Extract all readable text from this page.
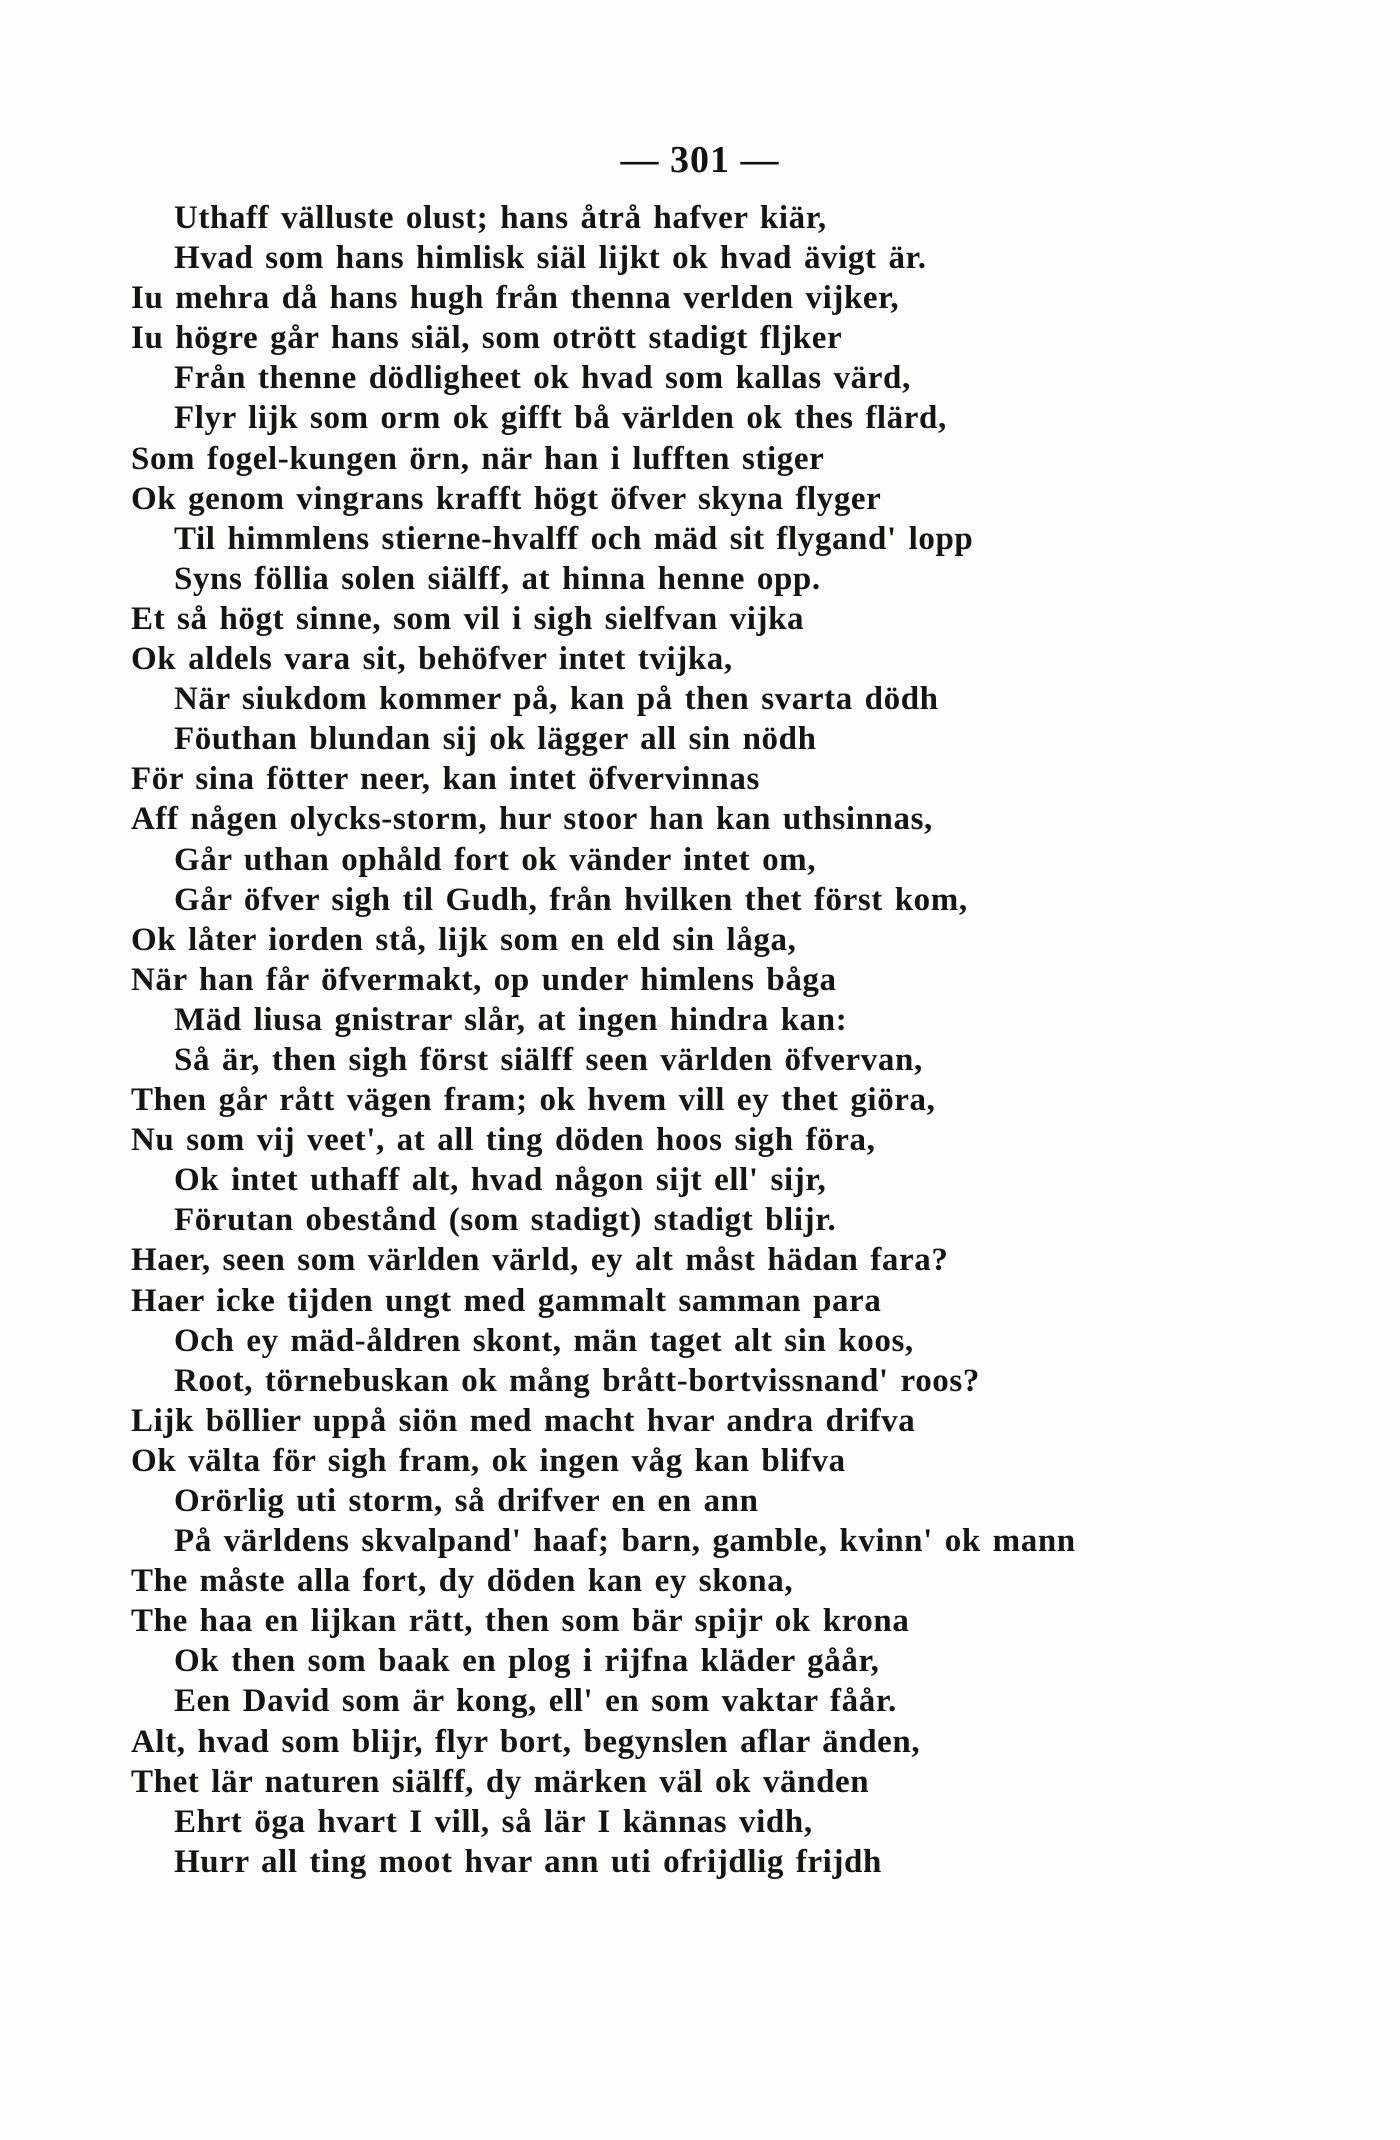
— 301 —
Uthaff välluste olust; hans åtrå hafver kiär,
Hvad som hans himlisk siäl lijkt ok hvad ävigt är.
Iu mehra då hans hugh från thenna verlden vijker,
Iu högre går hans siäl, som otrött stadigt fljker
Från thenne dödligheet ok hvad som kallas värd,
Flyr lijk som orm ok gifft bå världen ok thes flärd,
Som fogel-kungen örn, när han i lufften stiger
Ok genom vingrans krafft högt öfver skyna flyger
Til himmlens stierne-hvalff och mäd sit flygand' lopp
Syns föllia solen siälff, at hinna henne opp.
Et så högt sinne, som vil i sigh sielfvan vijka
Ok aldels vara sit, behöfver intet tvijka,
När siukdom kommer på, kan på then svarta dödh
Föuthan blundan sij ok lägger all sin nödh
För sina fötter neer, kan intet öfvervinnas
Aff någen olycks-storm, hur stoor han kan uthsinnas,
Går uthan ophåld fort ok vänder intet om,
Går öfver sigh til Gudh, från hvilken thet först kom,
Ok låter iorden stå, lijk som en eld sin låga,
När han får öfvermakt, op under himlens båga
Mäd liusa gnistrar slår, at ingen hindra kan:
Så är, then sigh först siälff seen världen öfvervan,
Then går rått vägen fram; ok hvem vill ey thet giöra,
Nu som vij veet', at all ting döden hoos sigh föra,
Ok intet uthaff alt, hvad någon sijt ell' sijr,
Förutan obestånd (som stadigt) stadigt blijr.
Haer, seen som världen värld, ey alt måst hädan fara?
Haer icke tijden ungt med gammalt samman para
Och ey mäd-åldren skont, män taget alt sin koos,
Root, törnebuskan ok mång brått-bortvissnand' roos?
Lijk böllier uppå siön med macht hvar andra drifva
Ok välta för sigh fram, ok ingen våg kan blifva
Orörlig uti storm, så drifver en en ann
På världens skvalpand' haaf; barn, gamble, kvinn' ok mann
The måste alla fort, dy döden kan ey skona,
The haa en lijkan rätt, then som bär spijr ok krona
Ok then som baak en plog i rijfna kläder gåår,
Een David som är kong, ell' en som vaktar fåår.
Alt, hvad som blijr, flyr bort, begynslen aflar änden,
Thet lär naturen siälff, dy märken väl ok vänden
Ehrt öga hvart I vill, så lär I kännas vidh,
Hurr all ting moot hvar ann uti ofrijdlig frijdh
